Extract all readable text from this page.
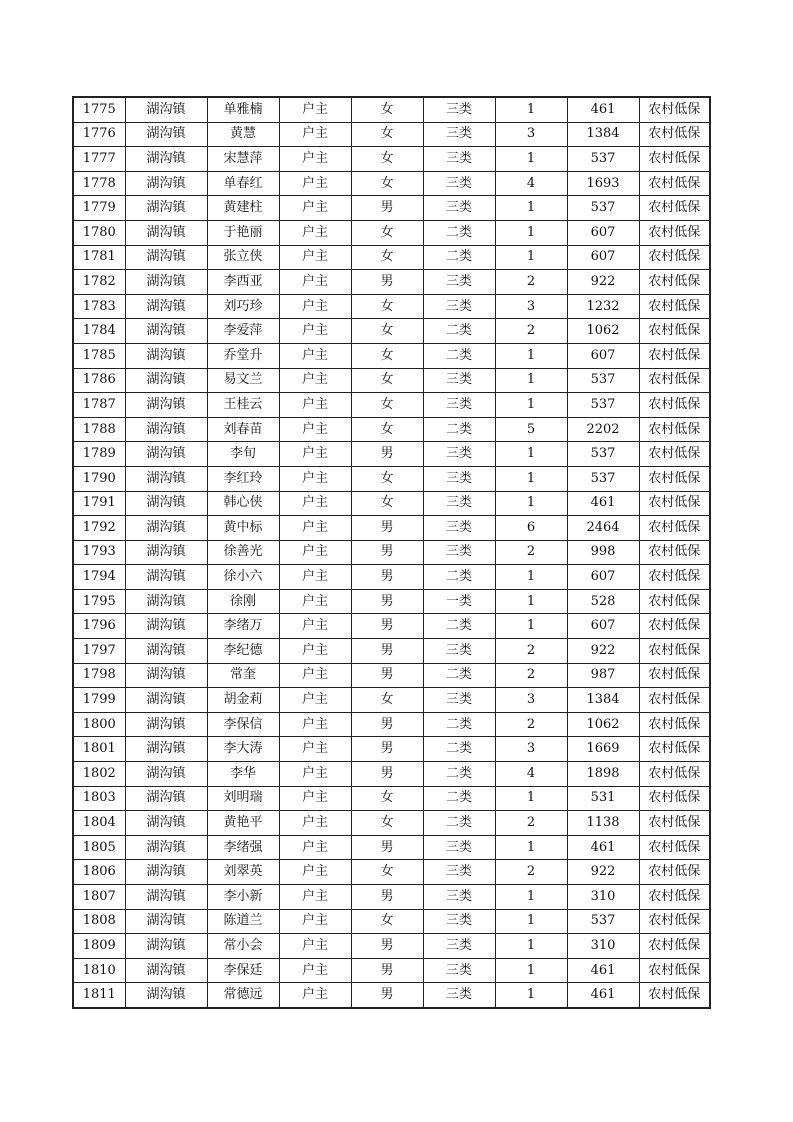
1775	湖沟镇	单雅楠	户主	女	三类	1	461	农村低保
1776	湖沟镇	黄慧	户主	女	三类	3	1384	农村低保
1777	湖沟镇	宋慧萍	户主	女	三类	1	537	农村低保
1778	湖沟镇	单春红	户主	女	三类	4	1693	农村低保
1779	湖沟镇	黄建柱	户主	男	三类	1	537	农村低保
1780	湖沟镇	于艳丽	户主	女	二类	1	607	农村低保
1781	湖沟镇	张立侠	户主	女	二类	1	607	农村低保
1782	湖沟镇	李西亚	户主	男	三类	2	922	农村低保
1783	湖沟镇	刘巧珍	户主	女	三类	3	1232	农村低保
1784	湖沟镇	李爱萍	户主	女	二类	2	1062	农村低保
1785	湖沟镇	乔堂升	户主	女	二类	1	607	农村低保
1786	湖沟镇	易文兰	户主	女	三类	1	537	农村低保
1787	湖沟镇	王桂云	户主	女	三类	1	537	农村低保
1788	湖沟镇	刘春苗	户主	女	二类	5	2202	农村低保
1789	湖沟镇	李旬	户主	男	三类	1	537	农村低保
1790	湖沟镇	李红玲	户主	女	三类	1	537	农村低保
1791	湖沟镇	韩心侠	户主	女	三类	1	461	农村低保
1792	湖沟镇	黄中标	户主	男	三类	6	2464	农村低保
1793	湖沟镇	徐善光	户主	男	三类	2	998	农村低保
1794	湖沟镇	徐小六	户主	男	二类	1	607	农村低保
1795	湖沟镇	徐刚	户主	男	一类	1	528	农村低保
1796	湖沟镇	李绪万	户主	男	二类	1	607	农村低保
1797	湖沟镇	李纪德	户主	男	三类	2	922	农村低保
1798	湖沟镇	常奎	户主	男	二类	2	987	农村低保
1799	湖沟镇	胡金莉	户主	女	三类	3	1384	农村低保
1800	湖沟镇	李保信	户主	男	二类	2	1062	农村低保
1801	湖沟镇	李大涛	户主	男	二类	3	1669	农村低保
1802	湖沟镇	李华	户主	男	二类	4	1898	农村低保
1803	湖沟镇	刘明瑞	户主	女	二类	1	531	农村低保
1804	湖沟镇	黄艳平	户主	女	二类	2	1138	农村低保
1805	湖沟镇	李绪强	户主	男	三类	1	461	农村低保
1806	湖沟镇	刘翠英	户主	女	三类	2	922	农村低保
1807	湖沟镇	李小新	户主	男	三类	1	310	农村低保
1808	湖沟镇	陈道兰	户主	女	三类	1	537	农村低保
1809	湖沟镇	常小会	户主	男	三类	1	310	农村低保
1810	湖沟镇	李保廷	户主	男	三类	1	461	农村低保
1811	湖沟镇	常德远	户主	男	三类	1	461	农村低保
